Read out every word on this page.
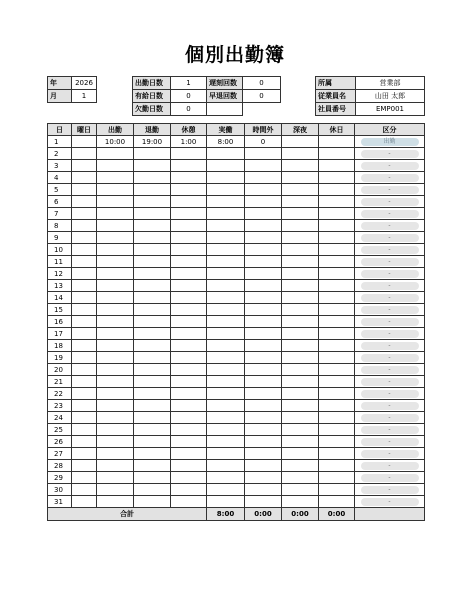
個別出勤簿
年	2026
月	1
出勤日数	1	遅刻回数	0
有給日数	0	早退回数	0
欠勤日数	0		
所属	営業部
従業員名	山田 太郎
社員番号	EMP001
日	曜日	出勤	退勤	休憩	実働	時間外	深夜	休日	区分
1		10:00	19:00	1:00	8:00	0			出勤
2									-
3									-
4									-
5									-
6									-
7									-
8									-
9									-
10									-
11									-
12									-
13									-
14									-
15									-
16									-
17									-
18									-
19									-
20									-
21									-
22									-
23									-
24									-
25									-
26									-
27									-
28									-
29									-
30									-
31									-
合計					8:00	0:00	0:00	0:00	
